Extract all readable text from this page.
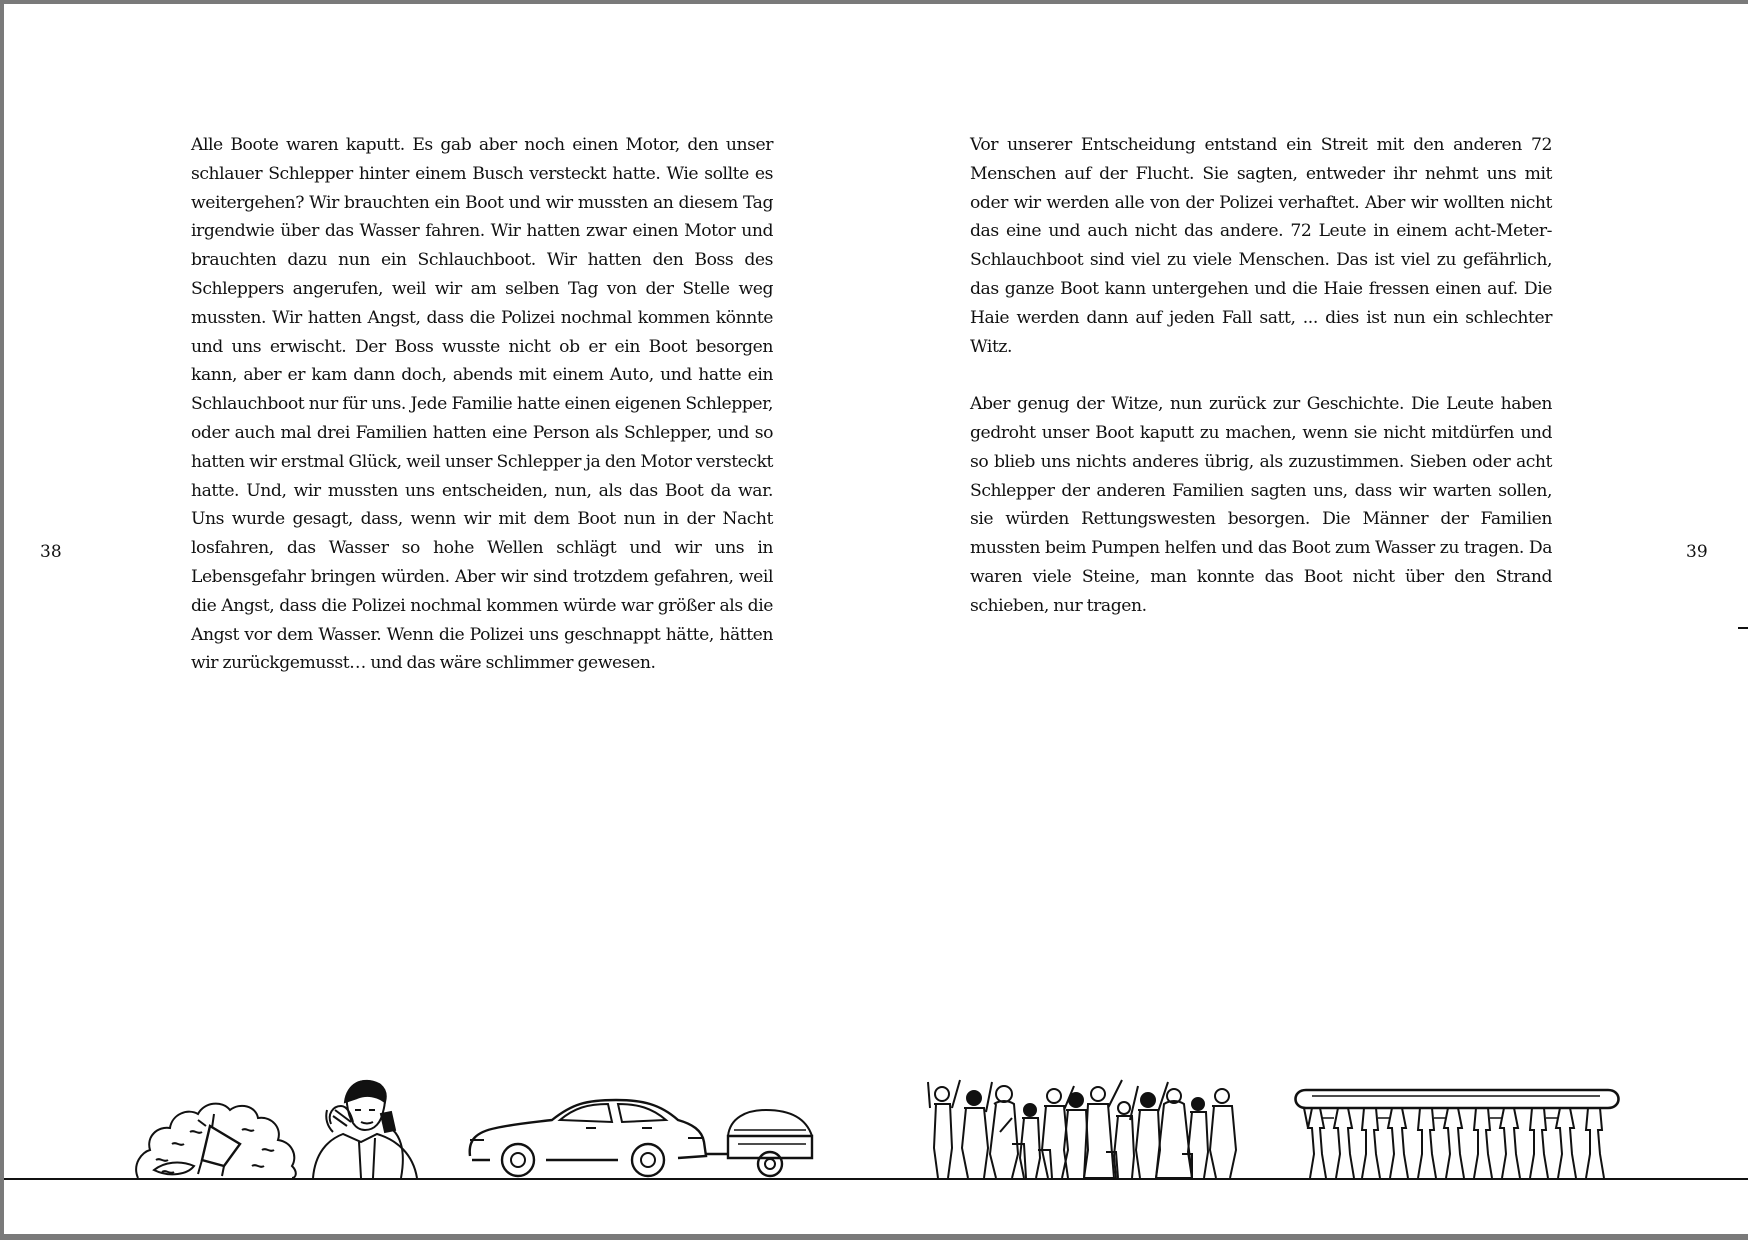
38	39

Alle Boote waren kaputt. Es gab aber noch einen Motor, den unser schlauer Schlepper hinter einem Busch versteckt hatte. Wie sollte es weitergehen? Wir brauchten ein Boot und wir mussten an diesem Tag irgendwie über das Wasser fahren. Wir hatten zwar einen Motor und brauchten dazu nun ein Schlauchboot. Wir hatten den Boss des Schleppers angerufen, weil wir am selben Tag von der Stelle weg mussten. Wir hatten Angst, dass die Polizei nochmal kommen könnte und uns erwischt. Der Boss wusste nicht ob er ein Boot besorgen kann, aber er kam dann doch, abends mit einem Auto, und hatte ein Schlauchboot nur für uns. Jede Familie hatte einen eigenen Schlepper, oder auch mal drei Familien hatten eine Person als Schlepper, und so hatten wir erstmal Glück, weil unser Schlepper ja den Motor versteckt hatte. Und, wir mussten uns entscheiden, nun, als das Boot da war. Uns wurde gesagt, dass, wenn wir mit dem Boot nun in der Nacht losfahren, das Wasser so hohe Wellen schlägt und wir uns in Lebensgefahr bringen würden. Aber wir sind trotzdem gefahren, weil die Angst, dass die Polizei nochmal kommen würde war größer als die Angst vor dem Wasser. Wenn die Polizei uns geschnappt hätte, hätten wir zurückgemusst… und das wäre schlimmer gewesen.

Vor unserer Entscheidung entstand ein Streit mit den anderen 72 Menschen auf der Flucht. Sie sagten, entweder ihr nehmt uns mit oder wir werden alle von der Polizei verhaftet. Aber wir wollten nicht das eine und auch nicht das andere. 72 Leute in einem acht-Meter-Schlauchboot sind viel zu viele Menschen. Das ist viel zu gefährlich, das ganze Boot kann untergehen und die Haie fressen einen auf. Die Haie werden dann auf jeden Fall satt, ... dies ist nun ein schlechter Witz.

Aber genug der Witze, nun zurück zur Geschichte. Die Leute haben gedroht unser Boot kaputt zu machen, wenn sie nicht mitdürfen und so blieb uns nichts anderes übrig, als zuzustimmen. Sieben oder acht Schlepper der anderen Familien sagten uns, dass wir warten sollen, sie würden Rettungswesten besorgen. Die Männer der Familien mussten beim Pumpen helfen und das Boot zum Wasser zu tragen. Da waren viele Steine, man konnte das Boot nicht über den Strand schieben, nur tragen.
